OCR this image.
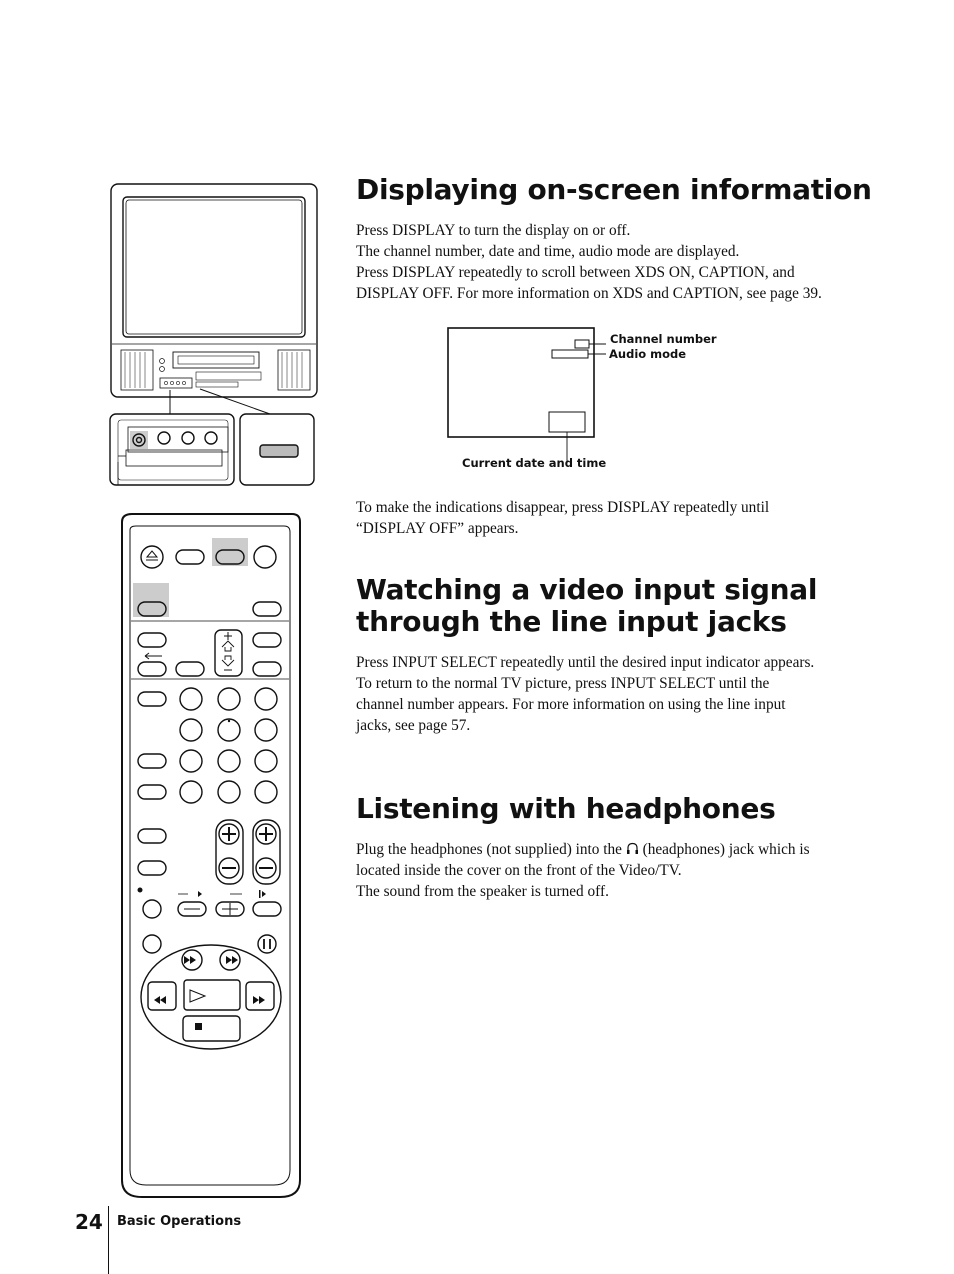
Displaying on-screen information

Press DISPLAY to turn the display on or off.
The channel number, date and time, audio mode are displayed.
Press DISPLAY repeatedly to scroll between XDS ON, CAPTION, and
DISPLAY OFF. For more information on XDS and CAPTION, see page 39.

Channel number
Audio mode
Current date and time

To make the indications disappear, press DISPLAY repeatedly until
“DISPLAY OFF” appears.

Watching a video input signal
through the line input jacks

Press INPUT SELECT repeatedly until the desired input indicator appears.
To return to the normal TV picture, press INPUT SELECT until the
channel number appears. For more information on using the line input
jacks, see page 57.

Listening with headphones

Plug the headphones (not supplied) into the  (headphones) jack which is
located inside the cover on the front of the Video/TV.
The sound from the speaker is turned off.

24 Basic Operations
